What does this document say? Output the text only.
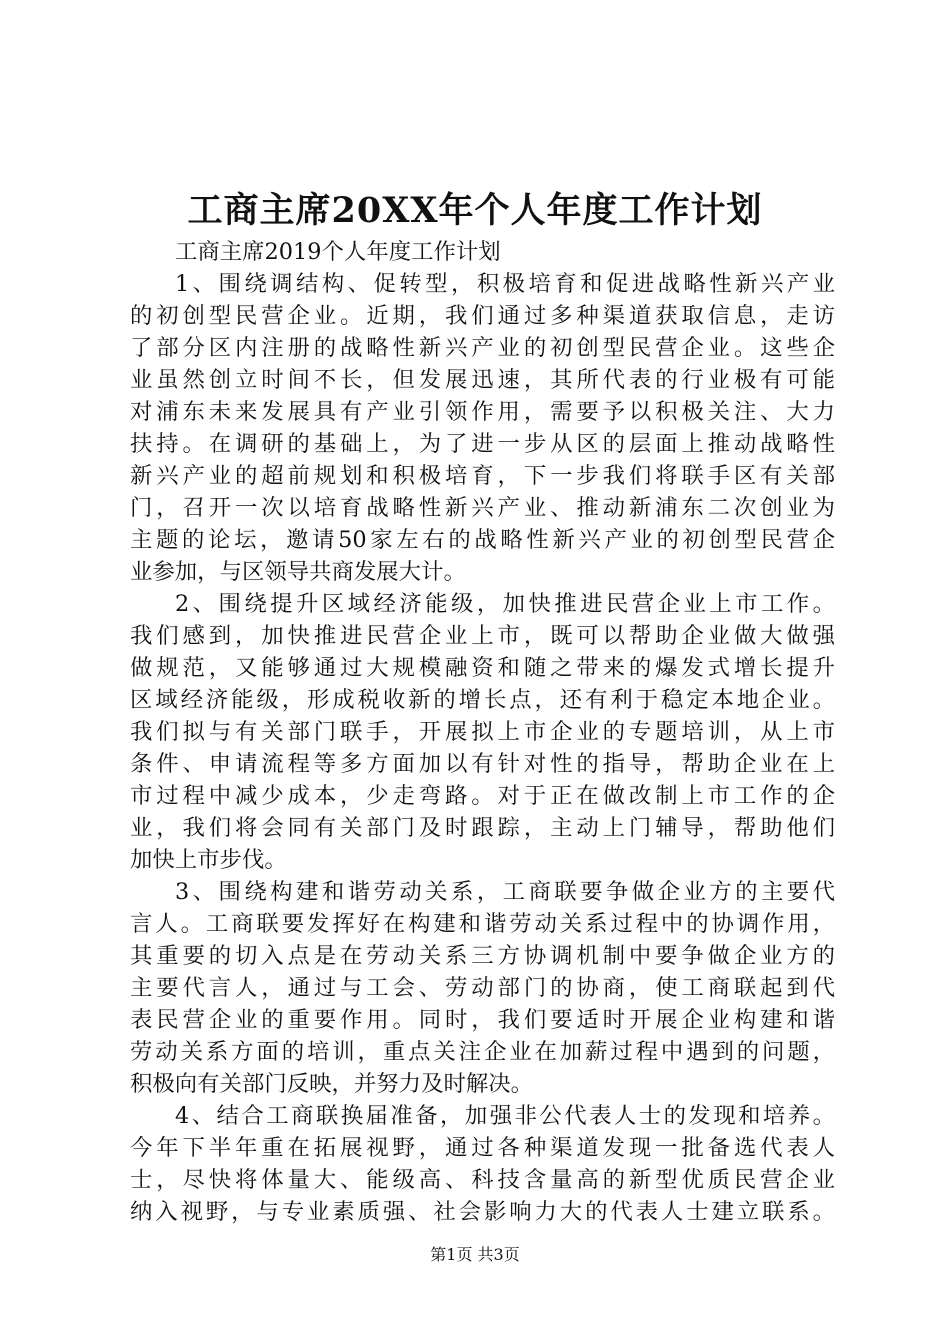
工商主席20XX年个人年度工作计划
工商主席2019个人年度工作计划
1、围绕调结构、促转型，积极培育和促进战略性新兴产业
的初创型民营企业。近期，我们通过多种渠道获取信息，走访
了部分区内注册的战略性新兴产业的初创型民营企业。这些企
业虽然创立时间不长，但发展迅速，其所代表的行业极有可能
对浦东未来发展具有产业引领作用，需要予以积极关注、大力
扶持。在调研的基础上，为了进一步从区的层面上推动战略性
新兴产业的超前规划和积极培育，下一步我们将联手区有关部
门，召开一次以培育战略性新兴产业、推动新浦东二次创业为
主题的论坛，邀请50家左右的战略性新兴产业的初创型民营企
业参加，与区领导共商发展大计。
2、围绕提升区域经济能级，加快推进民营企业上市工作。
我们感到，加快推进民营企业上市，既可以帮助企业做大做强
做规范，又能够通过大规模融资和随之带来的爆发式增长提升
区域经济能级，形成税收新的增长点，还有利于稳定本地企业。
我们拟与有关部门联手，开展拟上市企业的专题培训，从上市
条件、申请流程等多方面加以有针对性的指导，帮助企业在上
市过程中减少成本，少走弯路。对于正在做改制上市工作的企
业，我们将会同有关部门及时跟踪，主动上门辅导，帮助他们
加快上市步伐。
3、围绕构建和谐劳动关系，工商联要争做企业方的主要代
言人。工商联要发挥好在构建和谐劳动关系过程中的协调作用，
其重要的切入点是在劳动关系三方协调机制中要争做企业方的
主要代言人，通过与工会、劳动部门的协商，使工商联起到代
表民营企业的重要作用。同时，我们要适时开展企业构建和谐
劳动关系方面的培训，重点关注企业在加薪过程中遇到的问题，
积极向有关部门反映，并努力及时解决。
4、结合工商联换届准备，加强非公代表人士的发现和培养。
今年下半年重在拓展视野，通过各种渠道发现一批备选代表人
士，尽快将体量大、能级高、科技含量高的新型优质民营企业
纳入视野，与专业素质强、社会影响力大的代表人士建立联系。
第1页 共3页
